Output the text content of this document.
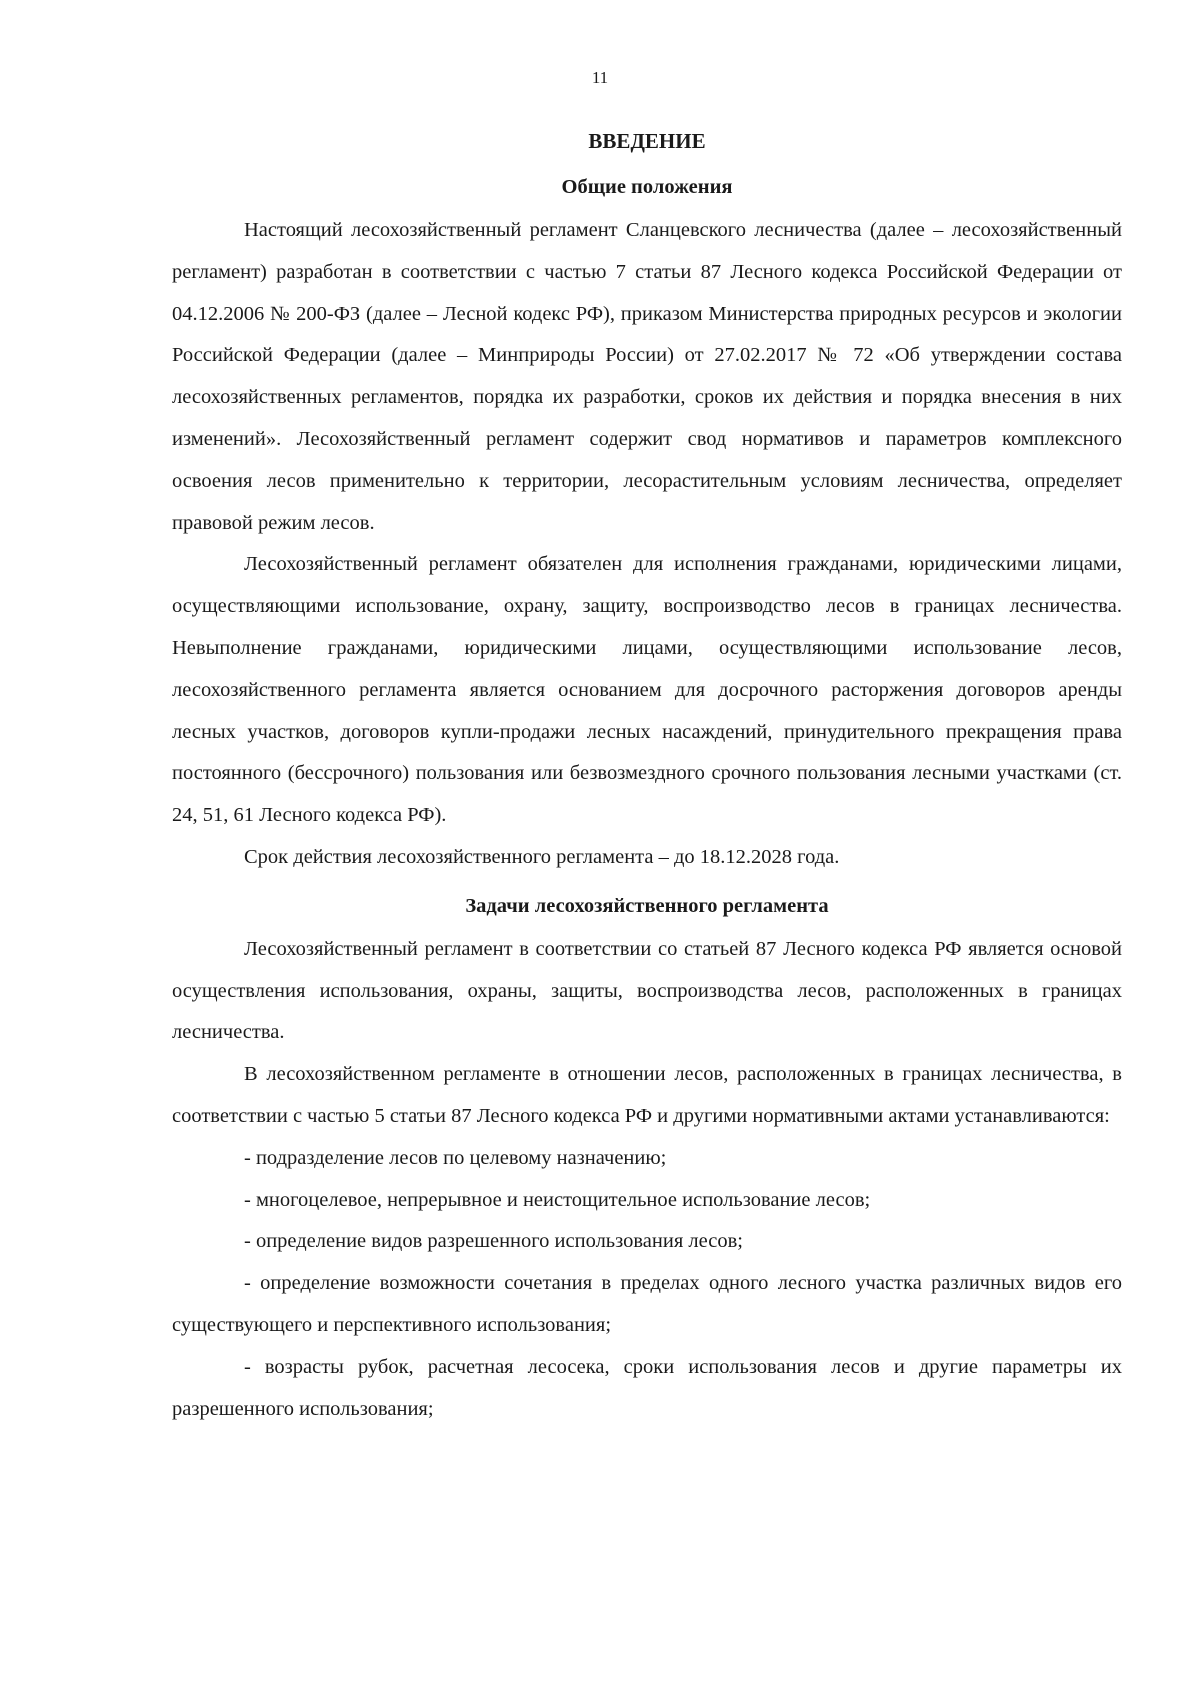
11
ВВЕДЕНИЕ
Общие положения

Настоящий лесохозяйственный регламент Сланцевского лесничества (далее – лесохозяйственный регламент) разработан в соответствии с частью 7 статьи 87 Лесного кодекса Российской Федерации от 04.12.2006 № 200-ФЗ (далее – Лесной кодекс РФ), приказом Министерства природных ресурсов и экологии Российской Федерации (далее – Минприроды России) от 27.02.2017 № 72 «Об утверждении состава лесохозяйственных регламентов, порядка их разработки, сроков их действия и порядка внесения в них изменений». Лесохозяйственный регламент содержит свод нормативов и параметров комплексного освоения лесов применительно к территории, лесорастительным условиям лесничества, определяет правовой режим лесов.

Лесохозяйственный регламент обязателен для исполнения гражданами, юридическими лицами, осуществляющими использование, охрану, защиту, воспроизводство лесов в границах лесничества. Невыполнение гражданами, юридическими лицами, осуществляющими использование лесов, лесохозяйственного регламента является основанием для досрочного расторжения договоров аренды лесных участков, договоров купли-продажи лесных насаждений, принудительного прекращения права постоянного (бессрочного) пользования или безвозмездного срочного пользования лесными участками (ст. 24, 51, 61 Лесного кодекса РФ).

Срок действия лесохозяйственного регламента – до 18.12.2028 года.

Задачи лесохозяйственного регламента

Лесохозяйственный регламент в соответствии со статьей 87 Лесного кодекса РФ является основой осуществления использования, охраны, защиты, воспроизводства лесов, расположенных в границах лесничества.

В лесохозяйственном регламенте в отношении лесов, расположенных в границах лесничества, в соответствии с частью 5 статьи 87 Лесного кодекса РФ и другими нормативными актами устанавливаются:

- подразделение лесов по целевому назначению;

- многоцелевое, непрерывное и неистощительное использование лесов;

- определение видов разрешенного использования лесов;

- определение возможности сочетания в пределах одного лесного участка различных видов его существующего и перспективного использования;

- возрасты рубок, расчетная лесосека, сроки использования лесов и другие параметры их разрешенного использования;
